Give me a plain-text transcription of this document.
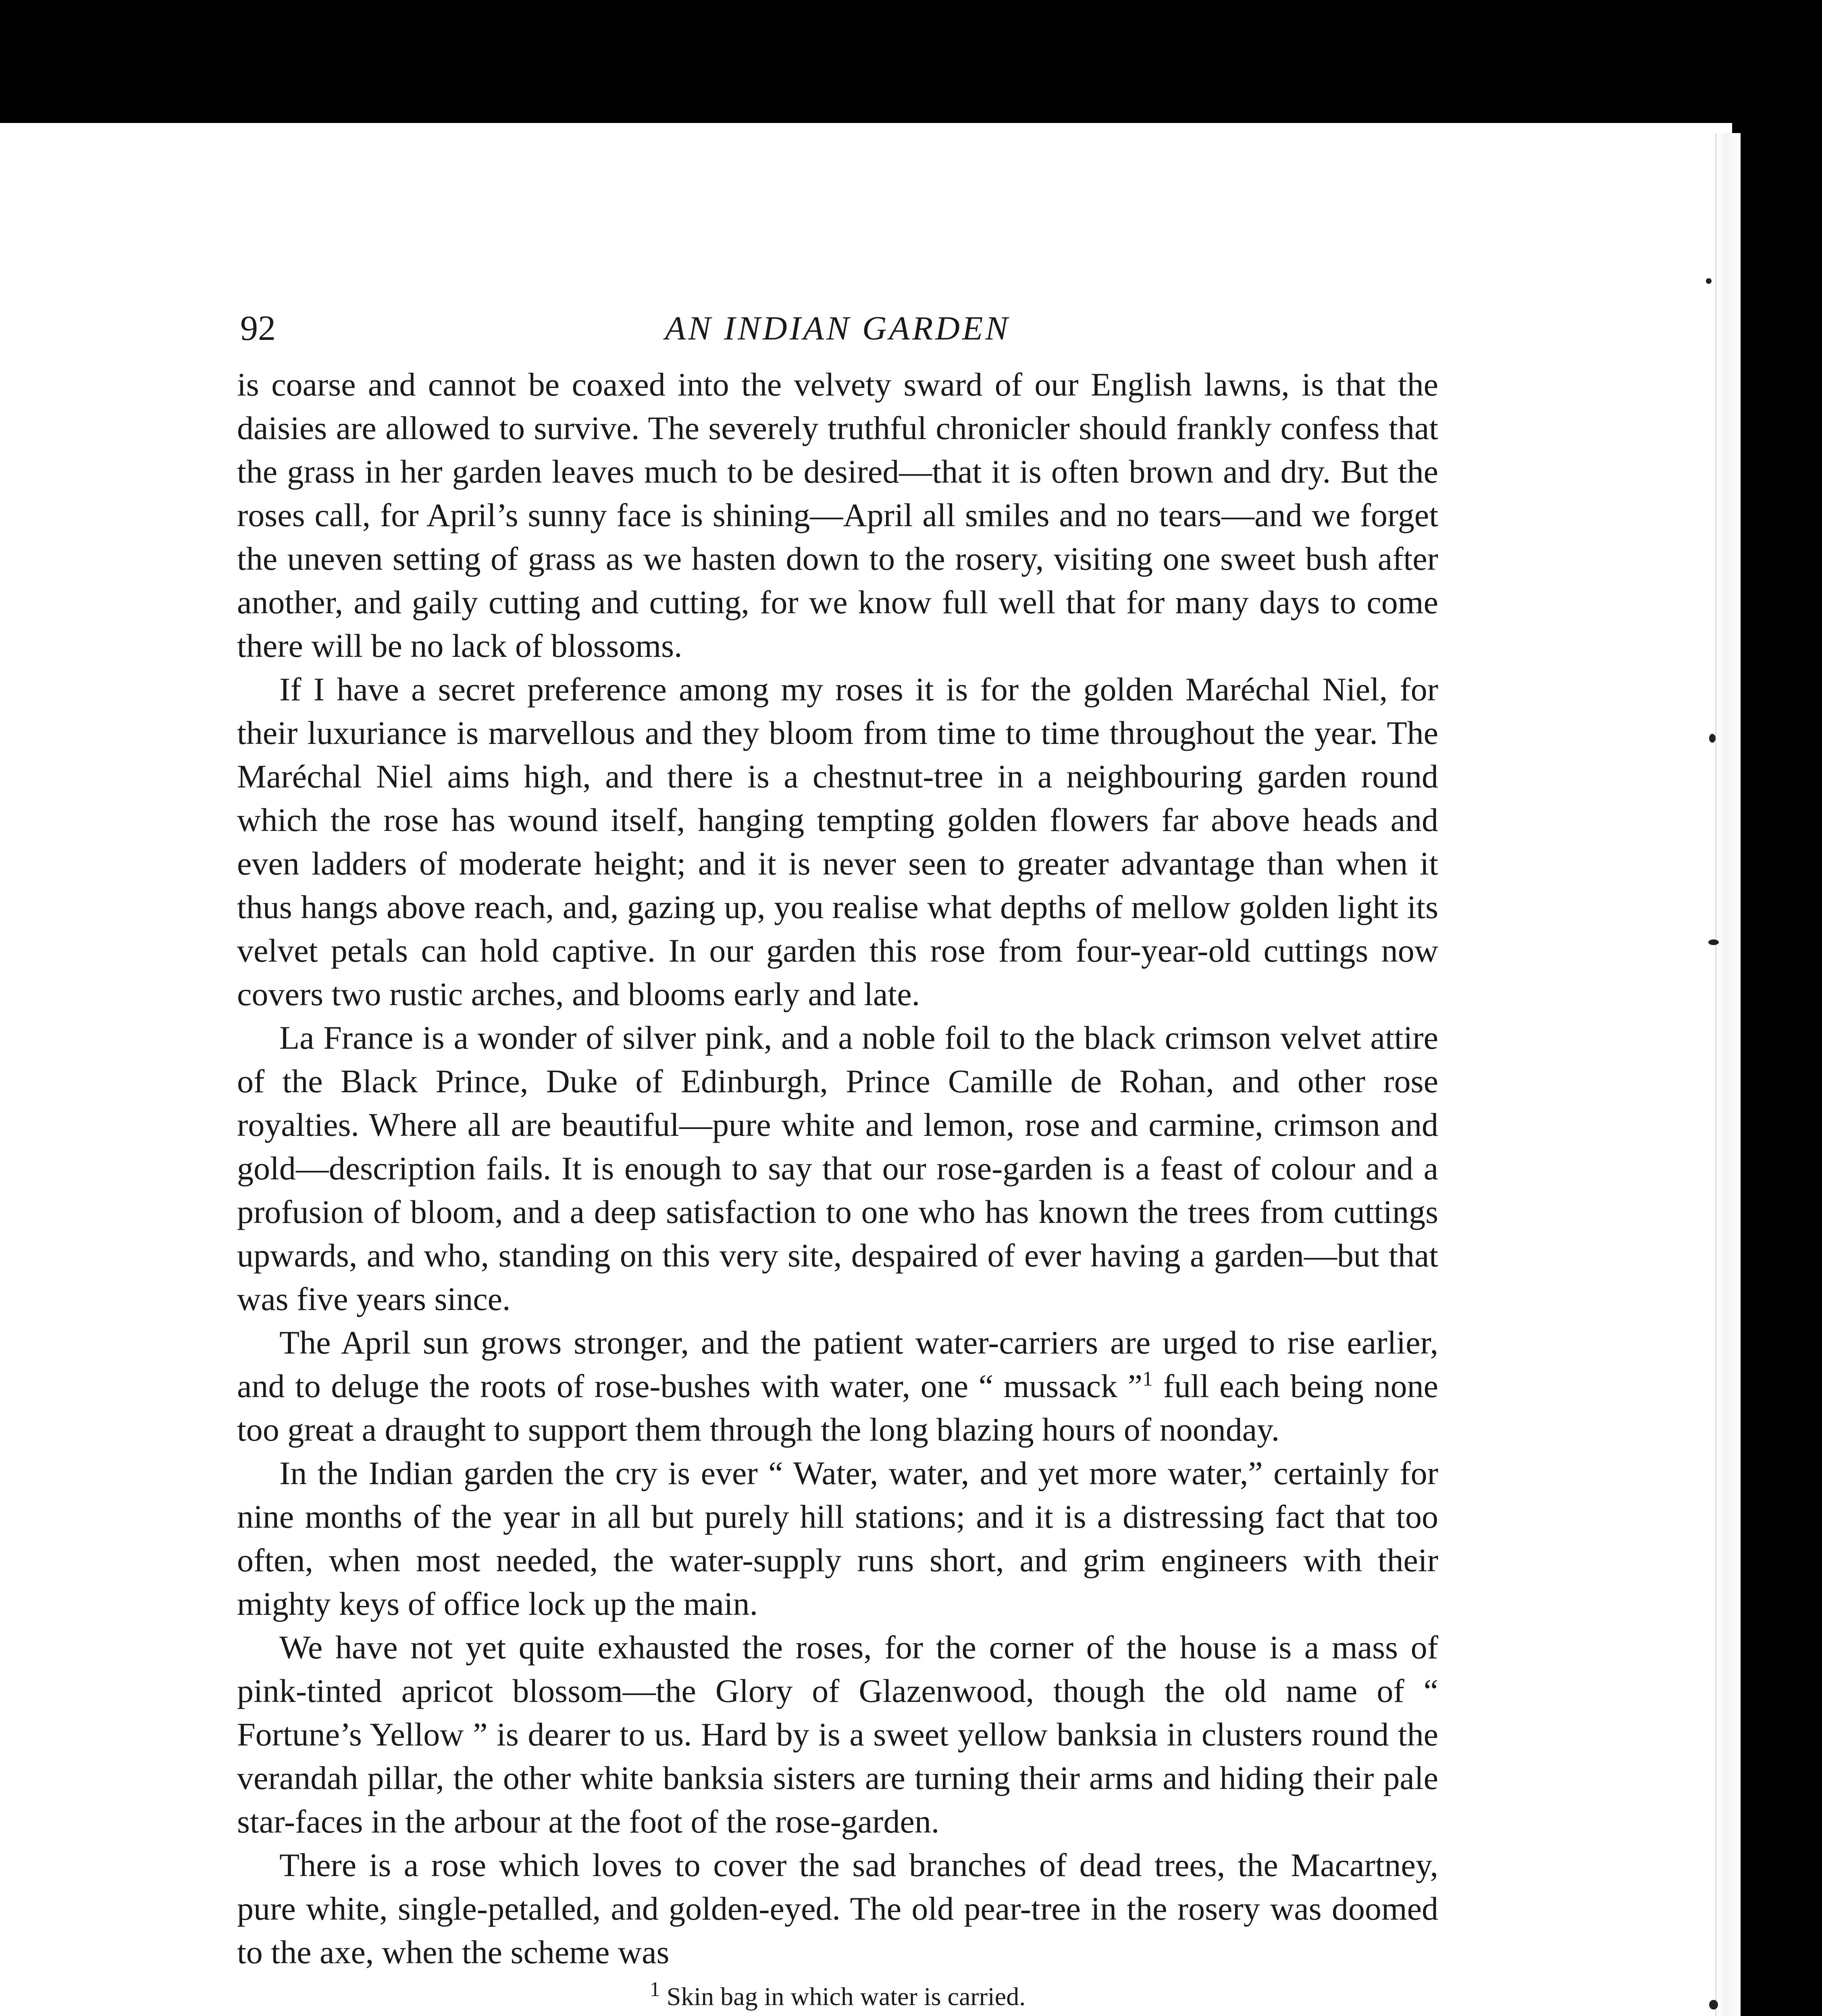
92	AN INDIAN GARDEN

is coarse and cannot be coaxed into the velvety sward of our English lawns, is that the daisies are allowed to survive. The severely truthful chronicler should frankly confess that the grass in her garden leaves much to be desired—that it is often brown and dry. But the roses call, for April’s sunny face is shining—April all smiles and no tears—and we forget the uneven setting of grass as we hasten down to the rosery, visiting one sweet bush after another, and gaily cutting and cutting, for we know full well that for many days to come there will be no lack of blossoms.

If I have a secret preference among my roses it is for the golden Maréchal Niel, for their luxuriance is marvellous and they bloom from time to time throughout the year. The Maréchal Niel aims high, and there is a chestnut-tree in a neighbouring garden round which the rose has wound itself, hanging tempting golden flowers far above heads and even ladders of moderate height; and it is never seen to greater advantage than when it thus hangs above reach, and, gazing up, you realise what depths of mellow golden light its velvet petals can hold captive. In our garden this rose from four-year-old cuttings now covers two rustic arches, and blooms early and late.

La France is a wonder of silver pink, and a noble foil to the black crimson velvet attire of the Black Prince, Duke of Edinburgh, Prince Camille de Rohan, and other rose royalties. Where all are beautiful—pure white and lemon, rose and carmine, crimson and gold—description fails. It is enough to say that our rose-garden is a feast of colour and a profusion of bloom, and a deep satisfaction to one who has known the trees from cuttings upwards, and who, standing on this very site, despaired of ever having a garden—but that was five years since.

The April sun grows stronger, and the patient water-carriers are urged to rise earlier, and to deluge the roots of rose-bushes with water, one “ mussack ”$^1$ full each being none too great a draught to support them through the long blazing hours of noonday.

In the Indian garden the cry is ever “ Water, water, and yet more water,” certainly for nine months of the year in all but purely hill stations; and it is a distressing fact that too often, when most needed, the water-supply runs short, and grim engineers with their mighty keys of office lock up the main.

We have not yet quite exhausted the roses, for the corner of the house is a mass of pink-tinted apricot blossom—the Glory of Glazenwood, though the old name of “ Fortune’s Yellow ” is dearer to us. Hard by is a sweet yellow banksia in clusters round the verandah pillar, the other white banksia sisters are turning their arms and hiding their pale star-faces in the arbour at the foot of the rose-garden.

There is a rose which loves to cover the sad branches of dead trees, the Macartney, pure white, single-petalled, and golden-eyed. The old pear-tree in the rosery was doomed to the axe, when the scheme was

$^1$ Skin bag in which water is carried.
